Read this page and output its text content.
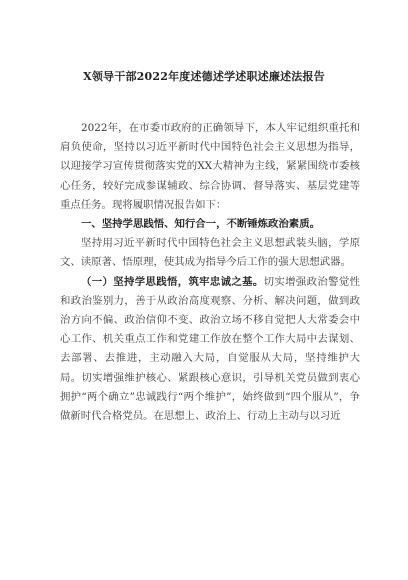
X领导干部2022年度述德述学述职述廉述法报告

2022年，在市委市政府的正确领导下，本人牢记组织重托和肩负使命，坚持以习近平新时代中国特色社会主义思想为指导，以迎接学习宣传贯彻落实党的XX大精神为主线，紧紧围绕市委核心任务，较好完成参谋辅政、综合协调、督导落实、基层党建等重点任务。现将履职情况报告如下：

一、坚持学思践悟、知行合一，不断锤炼政治素质。

坚持用习近平新时代中国特色社会主义思想武装头脑，学原文、读原著、悟原理，使其成为指导今后工作的强大思想武器。

（一）坚持学思践悟，筑牢忠诚之基。切实增强政治警觉性和政治鉴别力，善于从政治高度观察、分析、解决问题，做到政治方向不偏、政治信仰不变、政治立场不移自觉把人大常委会中心工作、机关重点工作和党建工作放在整个工作大局中去谋划、去部署、去推进，主动融入大局，自觉服从大局，坚持维护大局。切实增强维护核心、紧跟核心意识，引导机关党员做到衷心拥护“两个确立”忠诚践行“两个维护”，始终做到“四个服从”，争做新时代合格党员。在思想上、政治上、行动上主动与以习近
